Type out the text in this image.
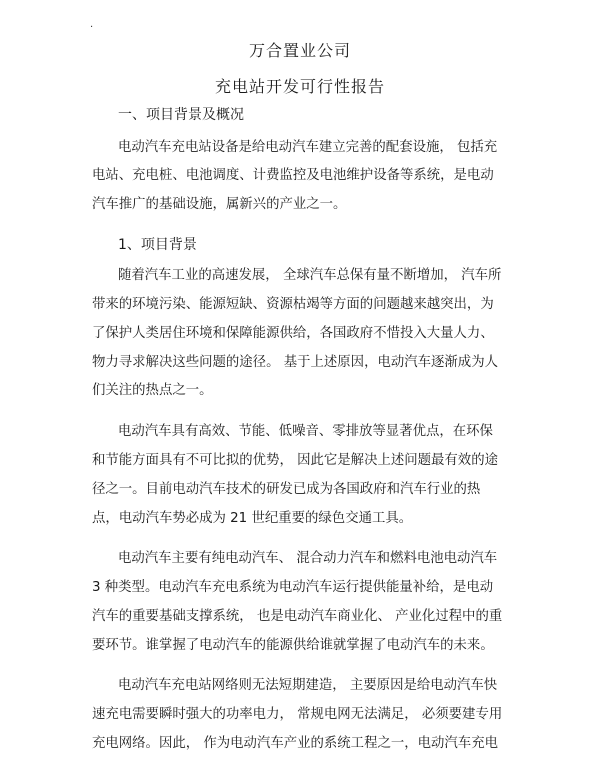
.
万合置业公司
充电站开发可行性报告
一、项目背景及概况
1、项目背景
电动汽车充电站设备是给电动汽车建立完善的配套设施， 包括充
电站、充电桩、电池调度、计费监控及电池维护设备等系统，是电动
汽车推广的基础设施，属新兴的产业之一。
随着汽车工业的高速发展， 全球汽车总保有量不断增加， 汽车所
带来的环境污染、能源短缺、资源枯竭等方面的问题越来越突出，为
了保护人类居住环境和保障能源供给，各国政府不惜投入大量人力、
物力寻求解决这些问题的途径。 基于上述原因，电动汽车逐渐成为人
们关注的热点之一。
电动汽车具有高效、节能、低噪音、零排放等显著优点，在环保
和节能方面具有不可比拟的优势， 因此它是解决上述问题最有效的途
径之一。目前电动汽车技术的研发已成为各国政府和汽车行业的热
点，电动汽车势必成为 21 世纪重要的绿色交通工具。
电动汽车主要有纯电动汽车、 混合动力汽车和燃料电池电动汽车
3 种类型。电动汽车充电系统为电动汽车运行提供能量补给，是电动
汽车的重要基础支撑系统， 也是电动汽车商业化、 产业化过程中的重
要环节。谁掌握了电动汽车的能源供给谁就掌握了电动汽车的未来。
电动汽车充电站网络则无法短期建造， 主要原因是给电动汽车快
速充电需要瞬时强大的功率电力， 常规电网无法满足， 必须要建专用
充电网络。因此， 作为电动汽车产业的系统工程之一，电动汽车充电
